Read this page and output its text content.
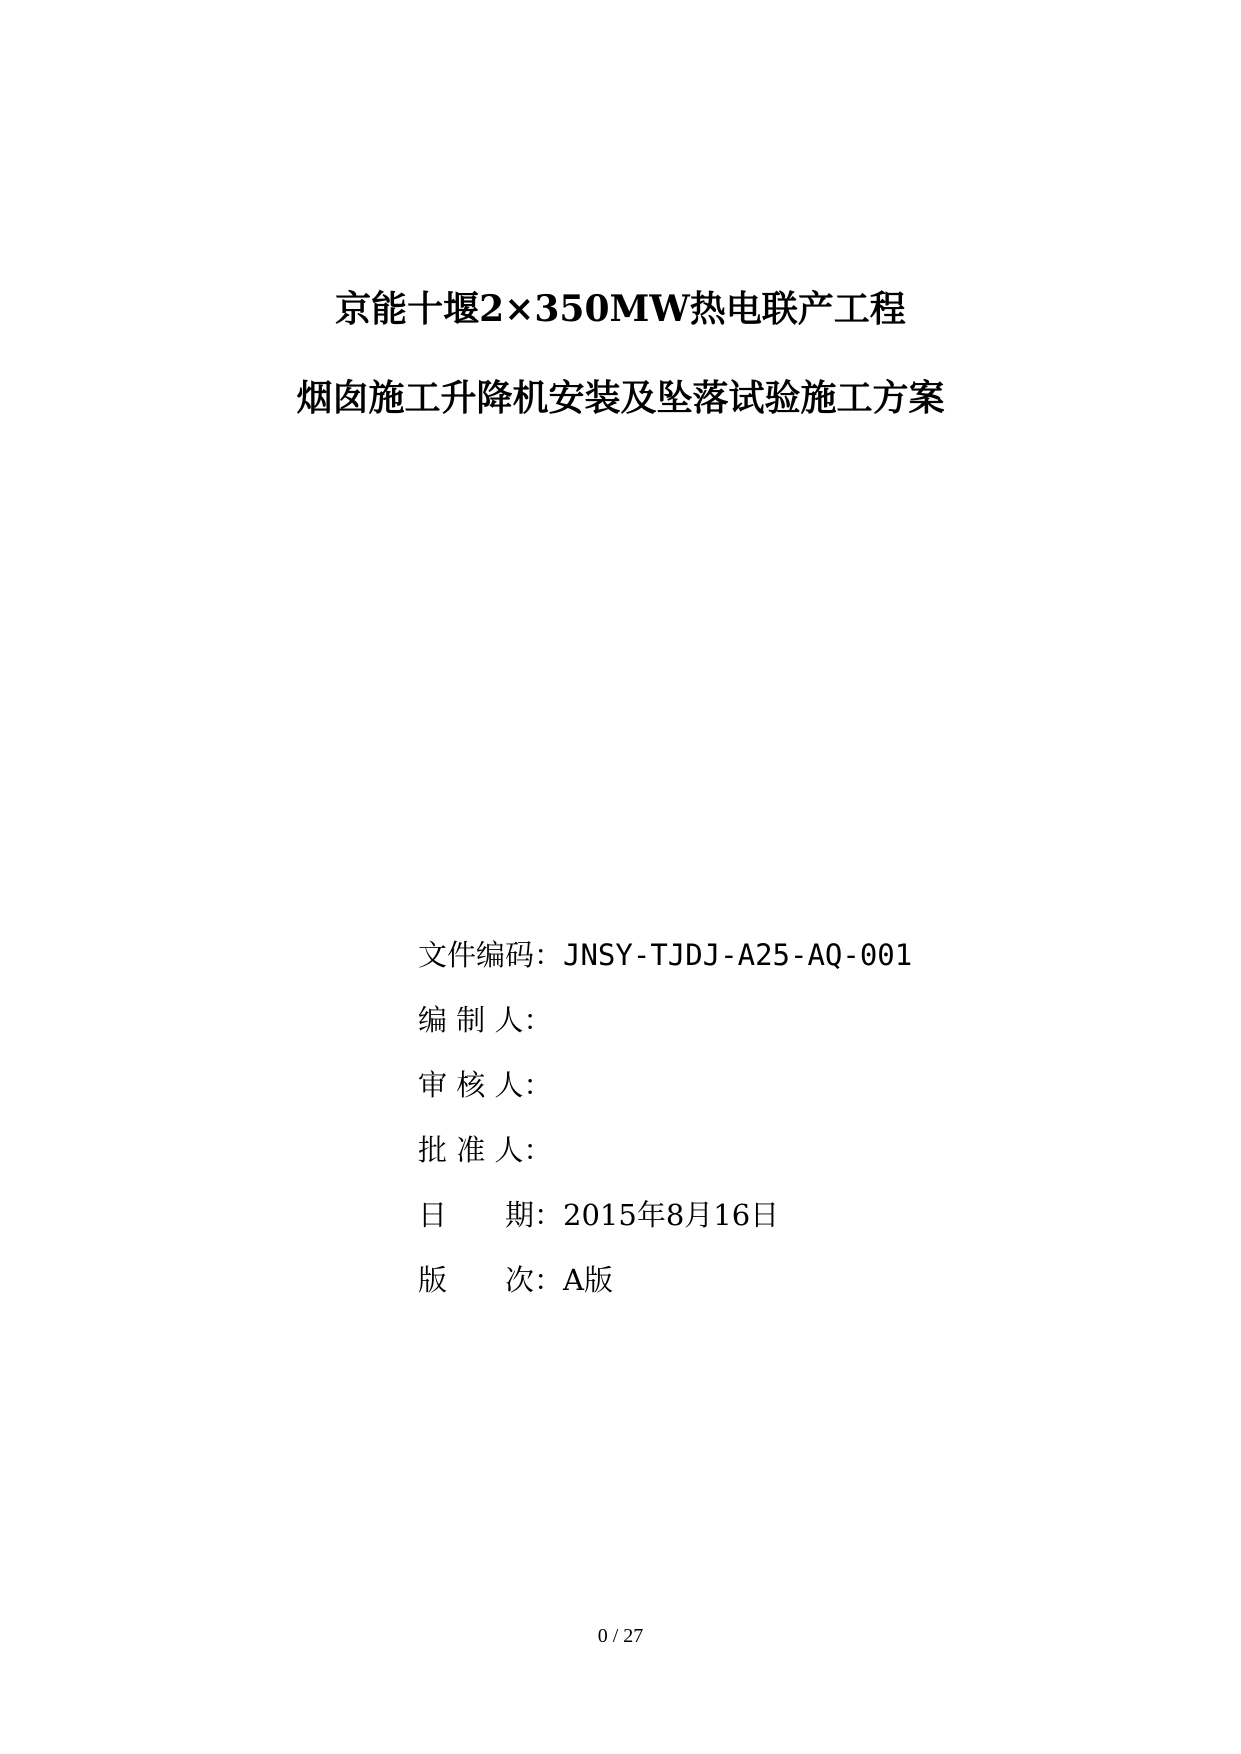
京能十堰2×350MW热电联产工程
烟囱施工升降机安装及坠落试验施工方案
文件编码： JNSY-TJDJ-A25-AQ-001
编 制 人：
审 核 人：
批 准 人：
日　　期： 2015年8月16日
版　　次： A版
0 / 27
